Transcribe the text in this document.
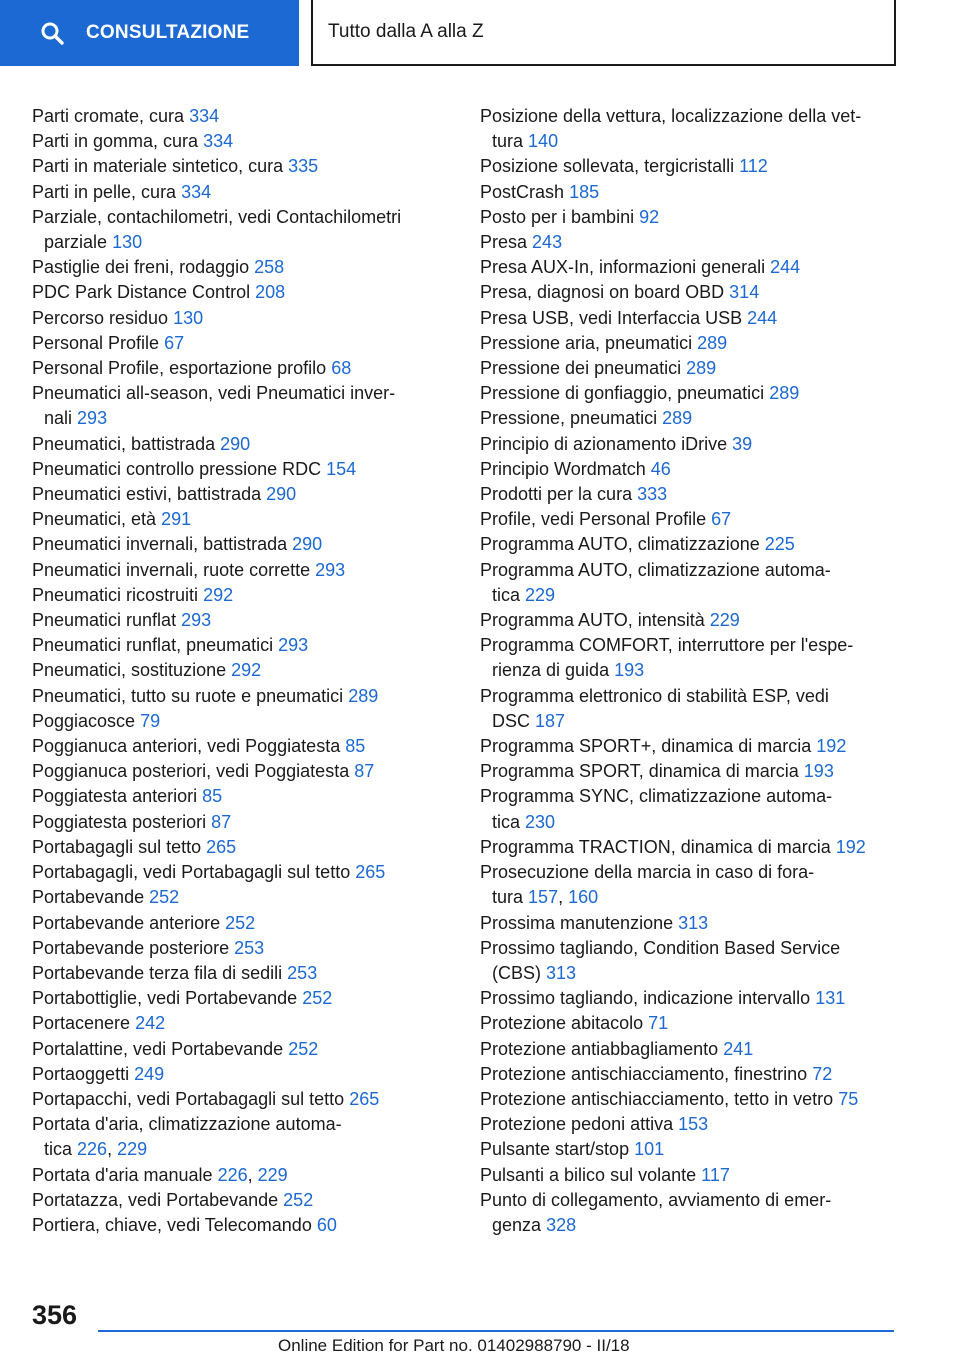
CONSULTAZIONE	Tutto dalla A alla Z
Parti cromate, cura 334
Parti in gomma, cura 334
Parti in materiale sintetico, cura 335
Parti in pelle, cura 334
Parziale, contachilometri, vedi Contachilometri
parziale 130
Pastiglie dei freni, rodaggio 258
PDC Park Distance Control 208
Percorso residuo 130
Personal Profile 67
Personal Profile, esportazione profilo 68
Pneumatici all-season, vedi Pneumatici inver‐
nali 293
Pneumatici, battistrada 290
Pneumatici controllo pressione RDC 154
Pneumatici estivi, battistrada 290
Pneumatici, età 291
Pneumatici invernali, battistrada 290
Pneumatici invernali, ruote corrette 293
Pneumatici ricostruiti 292
Pneumatici runflat 293
Pneumatici runflat, pneumatici 293
Pneumatici, sostituzione 292
Pneumatici, tutto su ruote e pneumatici 289
Poggiacosce 79
Poggianuca anteriori, vedi Poggiatesta 85
Poggianuca posteriori, vedi Poggiatesta 87
Poggiatesta anteriori 85
Poggiatesta posteriori 87
Portabagagli sul tetto 265
Portabagagli, vedi Portabagagli sul tetto 265
Portabevande 252
Portabevande anteriore 252
Portabevande posteriore 253
Portabevande terza fila di sedili 253
Portabottiglie, vedi Portabevande 252
Portacenere 242
Portalattine, vedi Portabevande 252
Portaoggetti 249
Portapacchi, vedi Portabagagli sul tetto 265
Portata d'aria, climatizzazione automa‐
tica 226, 229
Portata d'aria manuale 226, 229
Portatazza, vedi Portabevande 252
Portiera, chiave, vedi Telecomando 60
Posizione della vettura, localizzazione della vet‐
tura 140
Posizione sollevata, tergicristalli 112
PostCrash 185
Posto per i bambini 92
Presa 243
Presa AUX-In, informazioni generali 244
Presa, diagnosi on board OBD 314
Presa USB, vedi Interfaccia USB 244
Pressione aria, pneumatici 289
Pressione dei pneumatici 289
Pressione di gonfiaggio, pneumatici 289
Pressione, pneumatici 289
Principio di azionamento iDrive 39
Principio Wordmatch 46
Prodotti per la cura 333
Profile, vedi Personal Profile 67
Programma AUTO, climatizzazione 225
Programma AUTO, climatizzazione automa‐
tica 229
Programma AUTO, intensità 229
Programma COMFORT, interruttore per l'espe‐
rienza di guida 193
Programma elettronico di stabilità ESP, vedi
DSC 187
Programma SPORT+, dinamica di marcia 192
Programma SPORT, dinamica di marcia 193
Programma SYNC, climatizzazione automa‐
tica 230
Programma TRACTION, dinamica di marcia 192
Prosecuzione della marcia in caso di fora‐
tura 157, 160
Prossima manutenzione 313
Prossimo tagliando, Condition Based Service
(CBS) 313
Prossimo tagliando, indicazione intervallo 131
Protezione abitacolo 71
Protezione antiabbagliamento 241
Protezione antischiacciamento, finestrino 72
Protezione antischiacciamento, tetto in vetro 75
Protezione pedoni attiva 153
Pulsante start/stop 101
Pulsanti a bilico sul volante 117
Punto di collegamento, avviamento di emer‐
genza 328
356
Online Edition for Part no. 01402988790 - II/18
